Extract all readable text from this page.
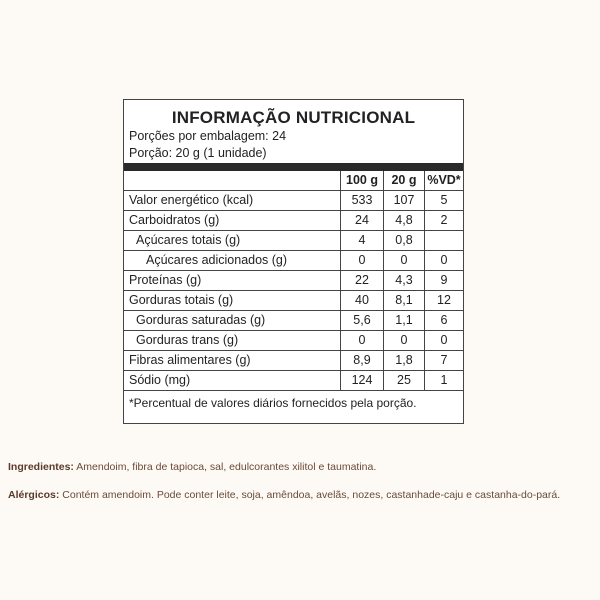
INFORMAÇÃO NUTRICIONAL
Porções por embalagem: 24
Porção: 20 g (1 unidade)
	100 g	20 g	%VD*
Valor energético (kcal)	533	107	5
Carboidratos (g)	24	4,8	2
Açúcares totais (g)	4	0,8	
Açúcares adicionados (g)	0	0	0
Proteínas (g)	22	4,3	9
Gorduras totais (g)	40	8,1	12
Gorduras saturadas (g)	5,6	1,1	6
Gorduras trans (g)	0	0	0
Fibras alimentares (g)	8,9	1,8	7
Sódio (mg)	124	25	1
*Percentual de valores diários fornecidos pela porção.
Ingredientes: Amendoim, fibra de tapioca, sal, edulcorantes xilitol e taumatina.
Alérgicos: Contém amendoim. Pode conter leite, soja, amêndoa, avelãs, nozes, castanhade-caju e castanha-do-pará.
